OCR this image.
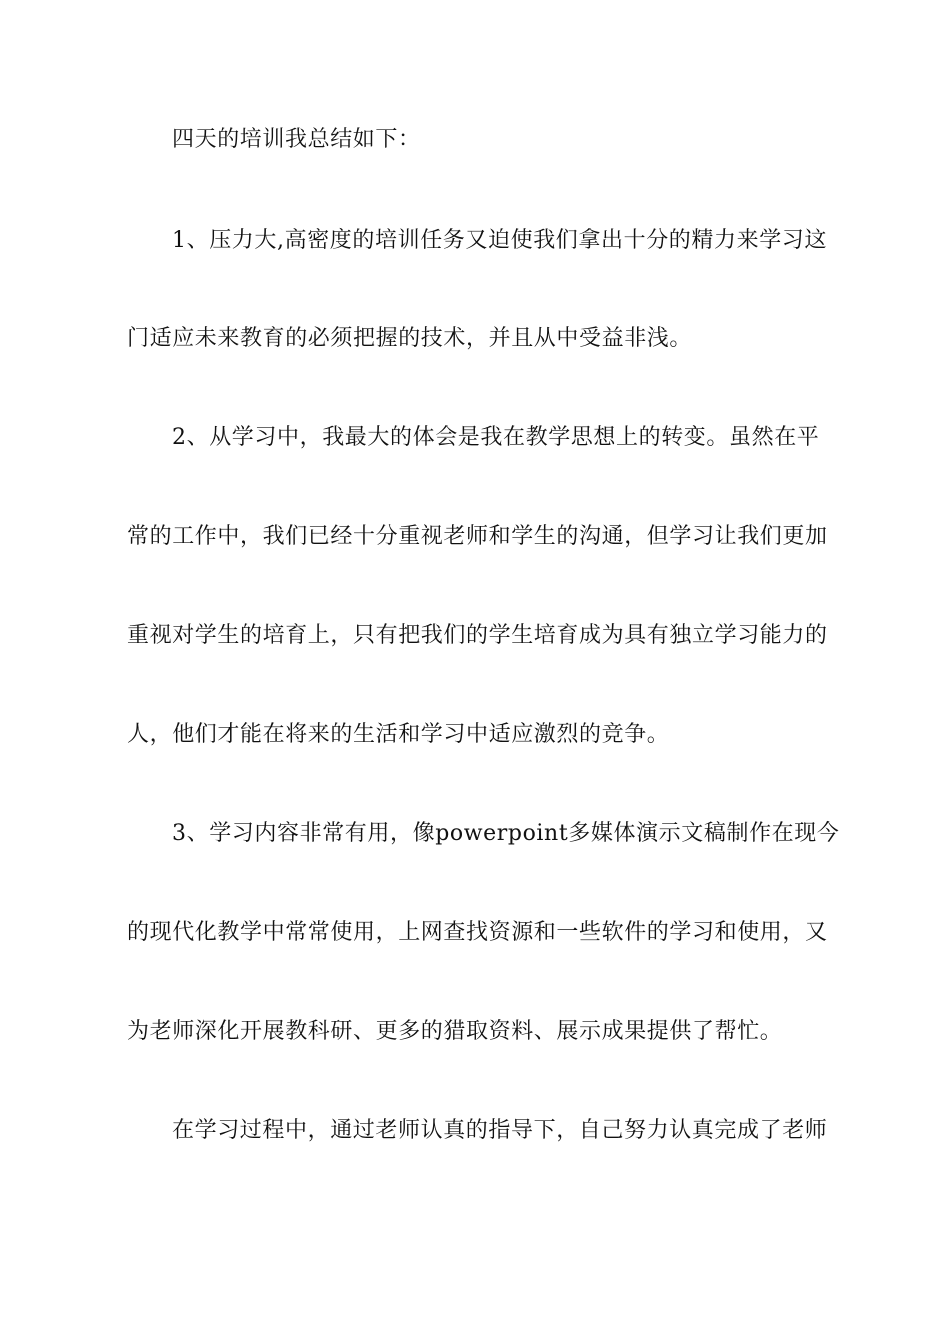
四天的培训我总结如下：
1、压力大,高密度的培训任务又迫使我们拿出十分的精力来学习这
门适应未来教育的必须把握的技术，并且从中受益非浅。
2、从学习中，我最大的体会是我在教学思想上的转变。虽然在平
常的工作中，我们已经十分重视老师和学生的沟通，但学习让我们更加
重视对学生的培育上，只有把我们的学生培育成为具有独立学习能力的
人，他们才能在将来的生活和学习中适应激烈的竞争。
3、学习内容非常有用，像powerpoint多媒体演示文稿制作在现今
的现代化教学中常常使用，上网查找资源和一些软件的学习和使用，又
为老师深化开展教科研、更多的猎取资料、展示成果提供了帮忙。
在学习过程中，通过老师认真的指导下，自己努力认真完成了老师
